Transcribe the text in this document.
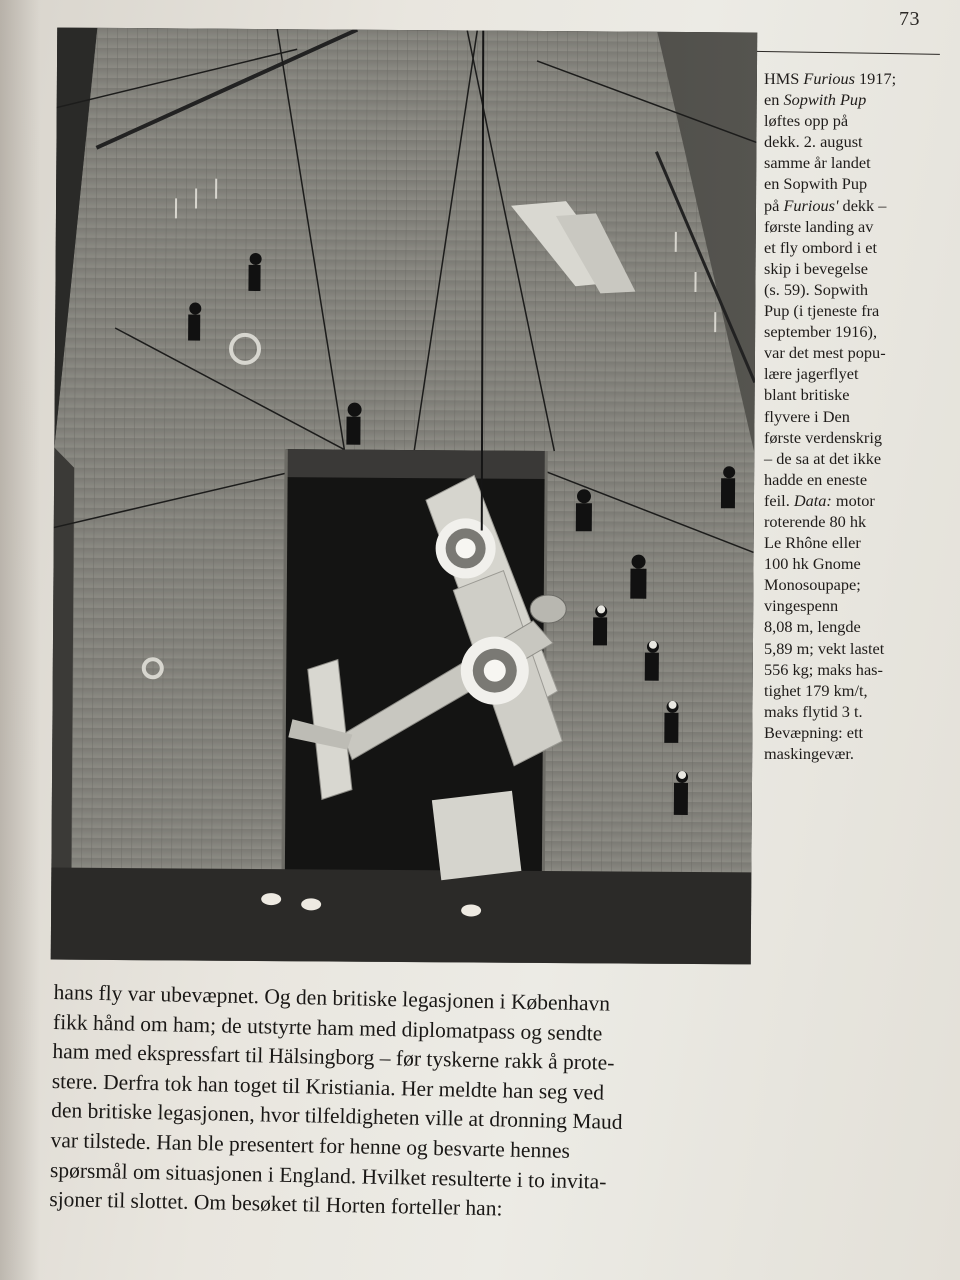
73
HMS Furious 1917;
en Sopwith Pup
løftes opp på
dekk. 2. august
samme år landet
en Sopwith Pup
på Furious' dekk –
første landing av
et fly ombord i et
skip i bevegelse
(s. 59). Sopwith
Pup (i tjeneste fra
september 1916),
var det mest popu-
lære jagerflyet
blant britiske
flyvere i Den
første verdenskrig
– de sa at det ikke
hadde en eneste
feil. Data: motor
roterende 80 hk
Le Rhône eller
100 hk Gnome
Monosoupape;
vingespenn
8,08 m, lengde
5,89 m; vekt lastet
556 kg; maks has-
tighet 179 km/t,
maks flytid 3 t.
Bevæpning: ett
maskingevær.
hans fly var ubevæpnet. Og den britiske legasjonen i København
fikk hånd om ham; de utstyrte ham med diplomatpass og sendte
ham med ekspressfart til Hälsingborg – før tyskerne rakk å prote-
stere. Derfra tok han toget til Kristiania. Her meldte han seg ved
den britiske legasjonen, hvor tilfeldigheten ville at dronning Maud
var tilstede. Han ble presentert for henne og besvarte hennes
spørsmål om situasjonen i England. Hvilket resulterte i to invita-
sjoner til slottet. Om besøket til Horten forteller han:
